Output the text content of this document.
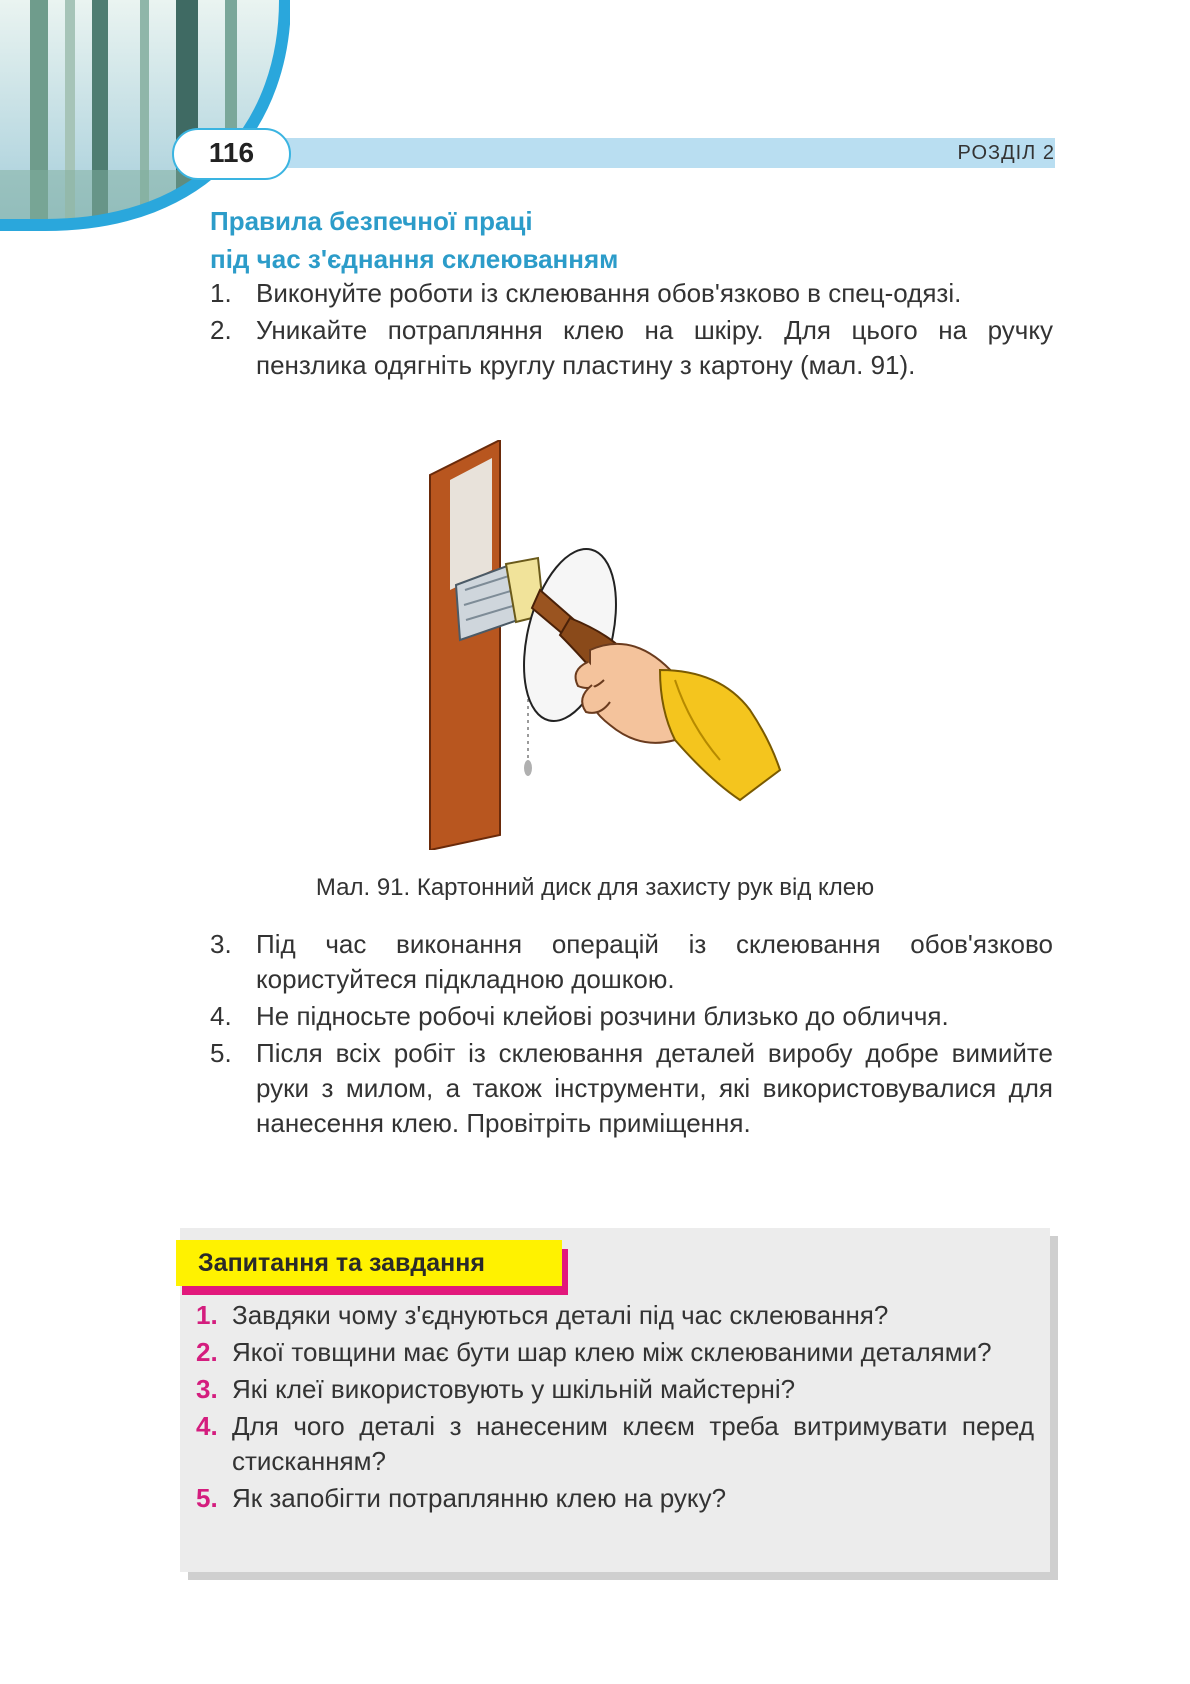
116	РОЗДІЛ 2
Правила безпечної праці
під час з'єднання склеюванням
1. Виконуйте роботи із склеювання обов'язково в спец-одязі.
2. Уникайте потрапляння клею на шкіру. Для цього на ручку пензлика одягніть круглу пластину з картону (мал. 91).
Мал. 91. Картонний диск для захисту рук від клею
3. Під час виконання операцій із склеювання обов'язково користуйтеся підкладною дошкою.
4. Не підносьте робочі клейові розчини близько до обличчя.
5. Після всіх робіт із склеювання деталей виробу добре вимийте руки з милом, а також інструменти, які використовувалися для нанесення клею. Провітріть приміщення.
Запитання та завдання
1. Завдяки чому з'єднуються деталі під час склеювання?
2. Якої товщини має бути шар клею між склеюваними деталями?
3. Які клеї використовують у шкільній майстерні?
4. Для чого деталі з нанесеним клеєм треба витримувати перед стисканням?
5. Як запобігти потраплянню клею на руку?
